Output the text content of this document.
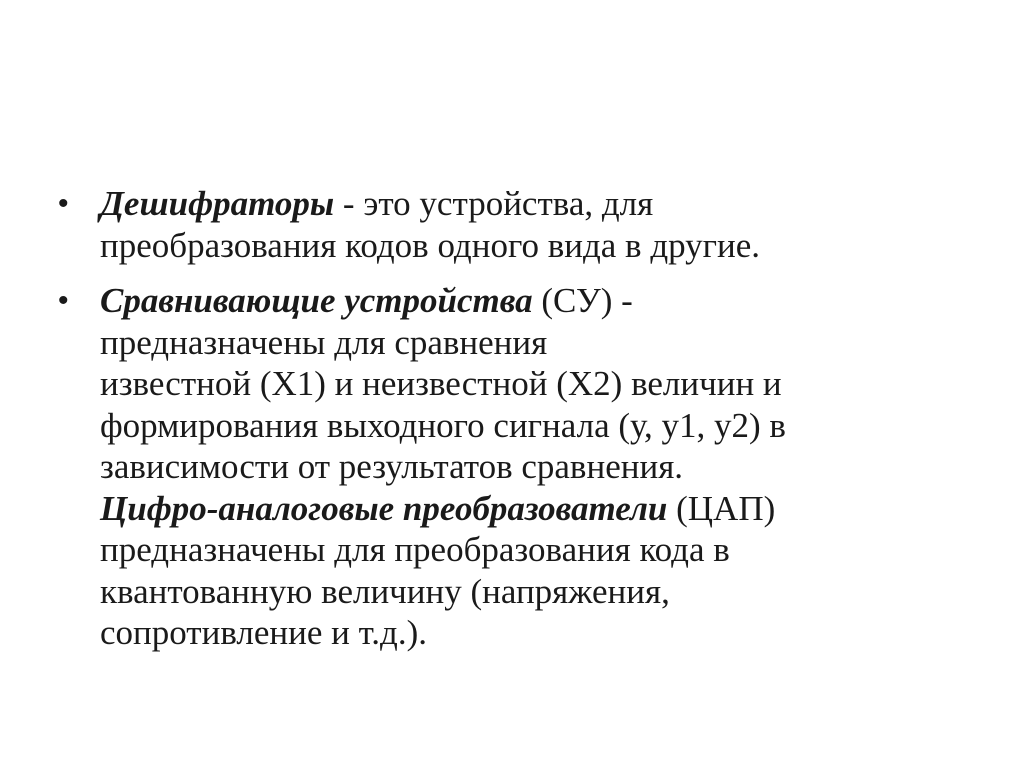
• Дешифраторы - это устройства, для
преобразования кодов одного вида в другие.
• Сравнивающие устройства (СУ) -
предназначены для сравнения
известной (Х1) и неизвестной (Х2) величин и
формирования выходного сигнала (у, у1, у2) в
зависимости от результатов сравнения.
Цифро-аналоговые преобразователи (ЦАП)
предназначены для преобразования кода в
квантованную величину (напряжения,
сопротивление и т.д.).
